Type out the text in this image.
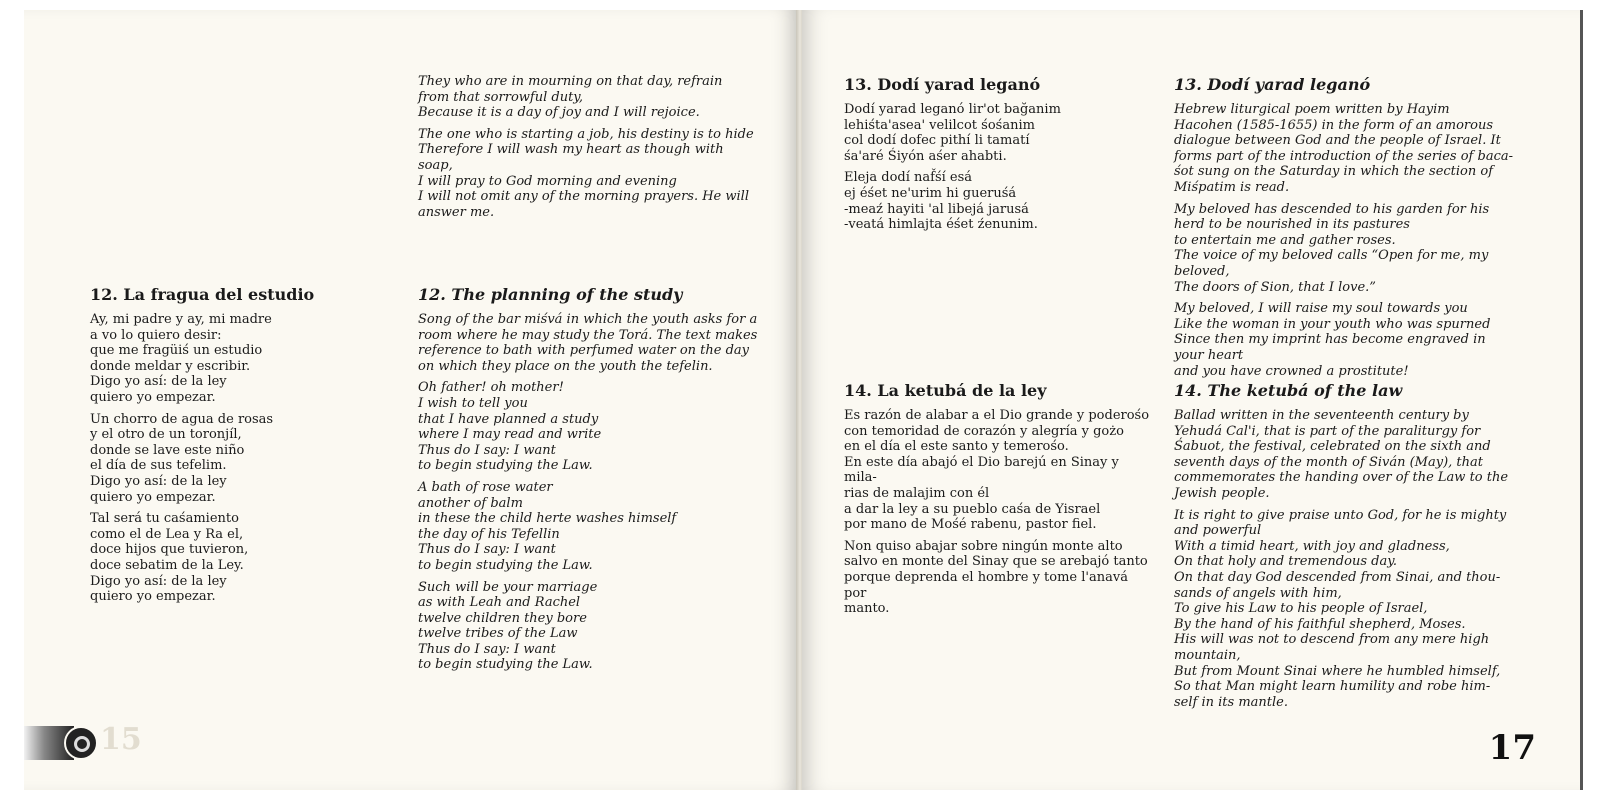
12. La fragua del estudio

Ay, mi padre y ay, mi madre
a vo lo quiero desir:
que me fragüiś un estudio
donde meldar y escribir.
Digo yo así: de la ley
quiero yo empezar.

Un chorro de agua de rosas
y el otro de un toronjíl,
donde se lave este niño
el día de sus tefelim.
Digo yo así: de la ley
quiero yo empezar.

Tal será tu caśamiento
como el de Lea y Ra el,
doce hijos que tuvieron,
doce sebatim de la Ley.
Digo yo así: de la ley
quiero yo empezar.

They who are in mourning on that day, refrain
from that sorrowful duty,
Because it is a day of joy and I will rejoice.

The one who is starting a job, his destiny is to hide
Therefore I will wash my heart as though with
soap,
I will pray to God morning and evening
I will not omit any of the morning prayers. He will
answer me.

12. The planning of the study

Song of the bar miśvá in which the youth asks for a
room where he may study the Torá. The text makes
reference to bath with perfumed water on the day
on which they place on the youth the tefelin.

Oh father! oh mother!
I wish to tell you
that I have planned a study
where I may read and write
Thus do I say: I want
to begin studying the Law.

A bath of rose water
another of balm
in these the child herte washes himself
the day of his Tefellin
Thus do I say: I want
to begin studying the Law.

Such will be your marriage
as with Leah and Rachel
twelve children they bore
twelve tribes of the Law
Thus do I say: I want
to begin studying the Law.

15
13. Dodí yarad leganó

Dodí yarad leganó lir'ot bağanim
lehiśta'asea' velilcot śośanim
col dodí dofec pithí li tamatí
śa'aré Śiyón aśer ahabti.

Eleja dodí naf̌śí esá
ej éśet ne'urim hi gueruśá
-meaź hayiti 'al libejá jarusá
-veatá himlajta éśet źenunim.

14. La ketubá de la ley

Es razón de alabar a el Dio grande y poderośo
con temoridad de corazón y alegría y gożo
en el día el este santo y temerośo.
En este día abajó el Dio barejú en Sinay y mila-
rias de malajim con él
a dar la ley a su pueblo caśa de Yisrael
por mano de Mośé rabenu, pastor fiel.

Non quiso abajar sobre ningún monte alto
salvo en monte del Sinay que se arebajó tanto
porque deprenda el hombre y tome l'anavá por
manto.

13. Dodí yarad leganó

Hebrew liturgical poem written by Hayim
Hacohen (1585-1655) in the form of an amorous
dialogue between God and the people of Israel. It
forms part of the introduction of the series of baca-
śot sung on the Saturday in which the section of
Miśpatim is read.

My beloved has descended to his garden for his
herd to be nourished in its pastures
to entertain me and gather roses.
The voice of my beloved calls “Open for me, my
beloved,
The doors of Sion, that I love.”

My beloved, I will raise my soul towards you
Like the woman in your youth who was spurned
Since then my imprint has become engraved in
your heart
and you have crowned a prostitute!

14. The ketubá of the law

Ballad written in the seventeenth century by
Yehudá Cal'i, that is part of the paraliturgy for
Śabuot, the festival, celebrated on the sixth and
seventh days of the month of Siván (May), that
commemorates the handing over of the Law to the
Jewish people.

It is right to give praise unto God, for he is mighty
and powerful
With a timid heart, with joy and gladness,
On that holy and tremendous day.
On that day God descended from Sinai, and thou-
sands of angels with him,
To give his Law to his people of Israel,
By the hand of his faithful shepherd, Moses.
His will was not to descend from any mere high
mountain,
But from Mount Sinai where he humbled himself,
So that Man might learn humility and robe him-
self in its mantle.

17
